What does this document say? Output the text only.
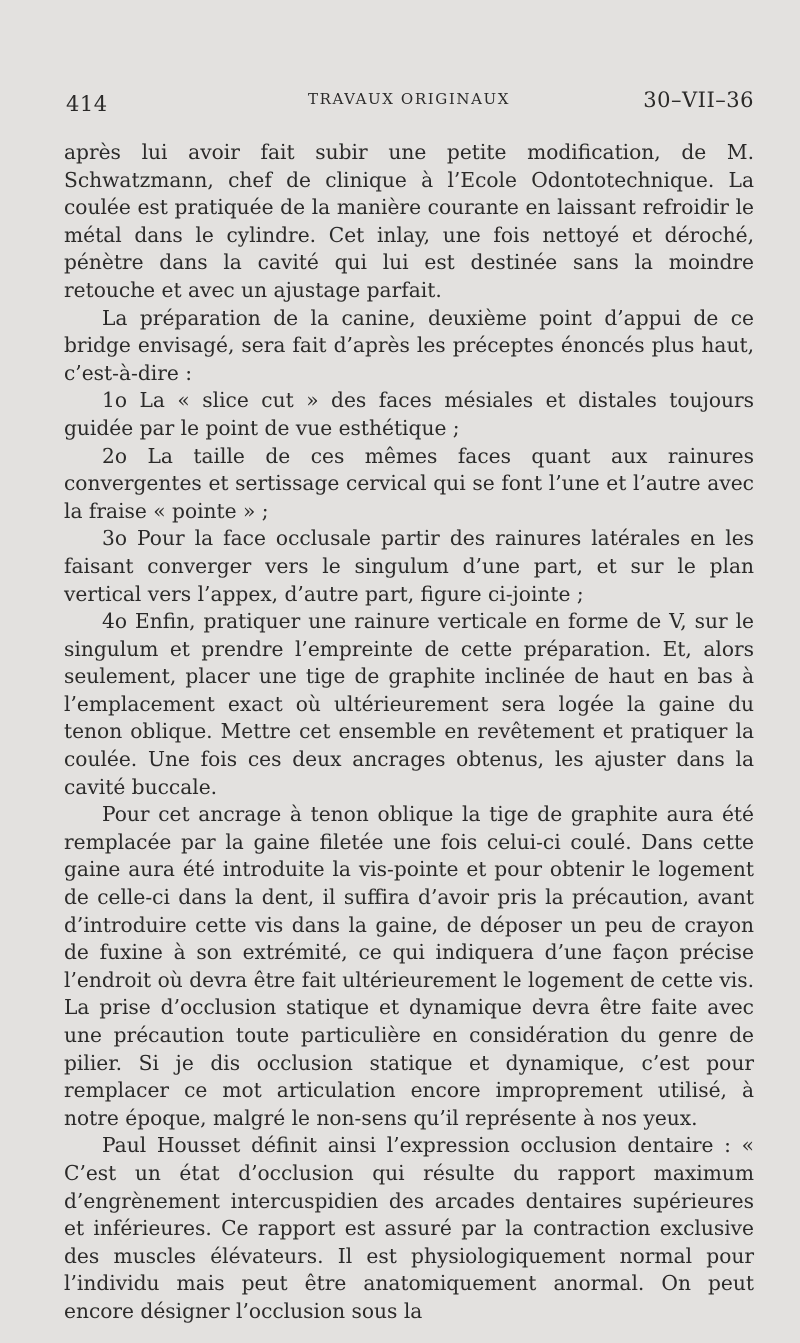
414	TRAVAUX ORIGINAUX	30–VII–36

après lui avoir fait subir une petite modification, de M. Schwatzmann, chef de clinique à l’Ecole Odontotechnique. La coulée est pratiquée de la manière courante en laissant refroidir le métal dans le cylindre. Cet inlay, une fois nettoyé et déroché, pénètre dans la cavité qui lui est destinée sans la moindre retouche et avec un ajustage parfait.

La préparation de la canine, deuxième point d’appui de ce bridge envisagé, sera fait d’après les préceptes énoncés plus haut, c’est-à-dire :

1o La « slice cut » des faces mésiales et distales toujours guidée par le point de vue esthétique ;

2o La taille de ces mêmes faces quant aux rainures convergentes et sertissage cervical qui se font l’une et l’autre avec la fraise « pointe » ;

3o Pour la face occlusale partir des rainures latérales en les faisant converger vers le singulum d’une part, et sur le plan vertical vers l’appex, d’autre part, figure ci-jointe ;

4o Enfin, pratiquer une rainure verticale en forme de V, sur le singulum et prendre l’empreinte de cette préparation. Et, alors seulement, placer une tige de graphite inclinée de haut en bas à l’emplacement exact où ultérieurement sera logée la gaine du tenon oblique. Mettre cet ensemble en revêtement et pratiquer la coulée. Une fois ces deux ancrages obtenus, les ajuster dans la cavité buccale.

Pour cet ancrage à tenon oblique la tige de graphite aura été remplacée par la gaine filetée une fois celui-ci coulé. Dans cette gaine aura été introduite la vis-pointe et pour obtenir le logement de celle-ci dans la dent, il suffira d’avoir pris la précaution, avant d’introduire cette vis dans la gaine, de déposer un peu de crayon de fuxine à son extrémité, ce qui indiquera d’une façon précise l’endroit où devra être fait ultérieurement le logement de cette vis. La prise d’occlusion statique et dynamique devra être faite avec une précaution toute particulière en considération du genre de pilier. Si je dis occlusion statique et dynamique, c’est pour remplacer ce mot articulation encore improprement utilisé, à notre époque, malgré le non-sens qu’il représente à nos yeux.

Paul Housset définit ainsi l’expression occlusion dentaire : « C’est un état d’occlusion qui résulte du rapport maximum d’engrènement intercuspidien des arcades dentaires supérieures et inférieures. Ce rapport est assuré par la contraction exclusive des muscles élévateurs. Il est physiologiquement normal pour l’individu mais peut être anatomiquement anormal. On peut encore désigner l’occlusion sous la
